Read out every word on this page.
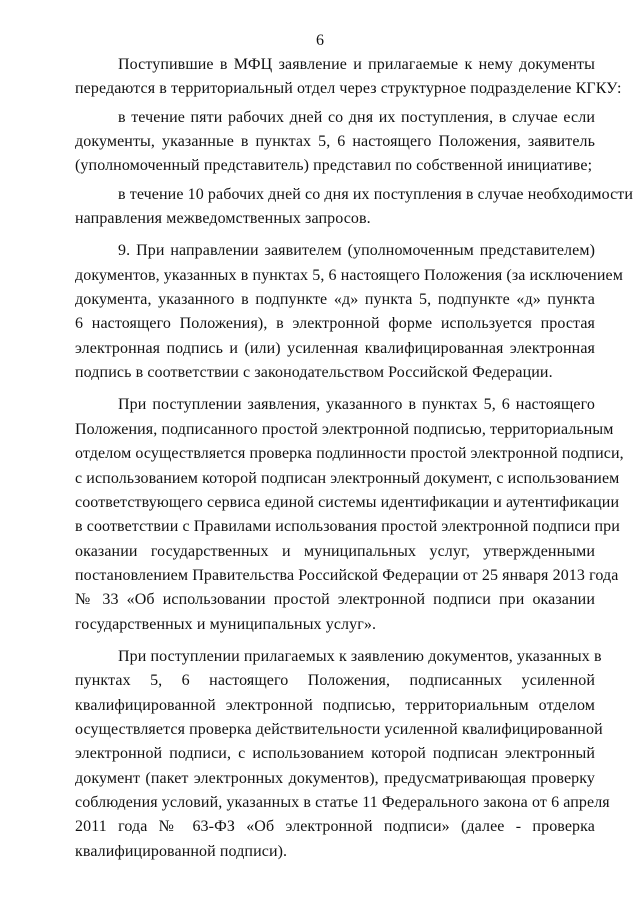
6
Поступившие в МФЦ заявление и прилагаемые к нему документы
передаются в территориальный отдел через структурное подразделение КГКУ:
в течение пяти рабочих дней со дня их поступления, в случае если
документы, указанные в пунктах 5, 6 настоящего Положения, заявитель
(уполномоченный представитель) представил по собственной инициативе;
в течение 10 рабочих дней со дня их поступления в случае необходимости
направления межведомственных запросов.
9. При направлении заявителем (уполномоченным представителем)
документов, указанных в пунктах 5, 6 настоящего Положения (за исключением
документа, указанного в подпункте «д» пункта 5, подпункте «д» пункта
6 настоящего Положения), в электронной форме используется простая
электронная подпись и (или) усиленная квалифицированная электронная
подпись в соответствии с законодательством Российской Федерации.
При поступлении заявления, указанного в пунктах 5, 6 настоящего
Положения, подписанного простой электронной подписью, территориальным
отделом осуществляется проверка подлинности простой электронной подписи,
с использованием которой подписан электронный документ, с использованием
соответствующего сервиса единой системы идентификации и аутентификации
в соответствии с Правилами использования простой электронной подписи при
оказании государственных и муниципальных услуг, утвержденными
постановлением Правительства Российской Федерации от 25 января 2013 года
№ 33 «Об использовании простой электронной подписи при оказании
государственных и муниципальных услуг».
При поступлении прилагаемых к заявлению документов, указанных в
пунктах 5, 6 настоящего Положения, подписанных усиленной
квалифицированной электронной подписью, территориальным отделом
осуществляется проверка действительности усиленной квалифицированной
электронной подписи, с использованием которой подписан электронный
документ (пакет электронных документов), предусматривающая проверку
соблюдения условий, указанных в статье 11 Федерального закона от 6 апреля
2011 года № 63-ФЗ «Об электронной подписи» (далее - проверка
квалифицированной подписи).
